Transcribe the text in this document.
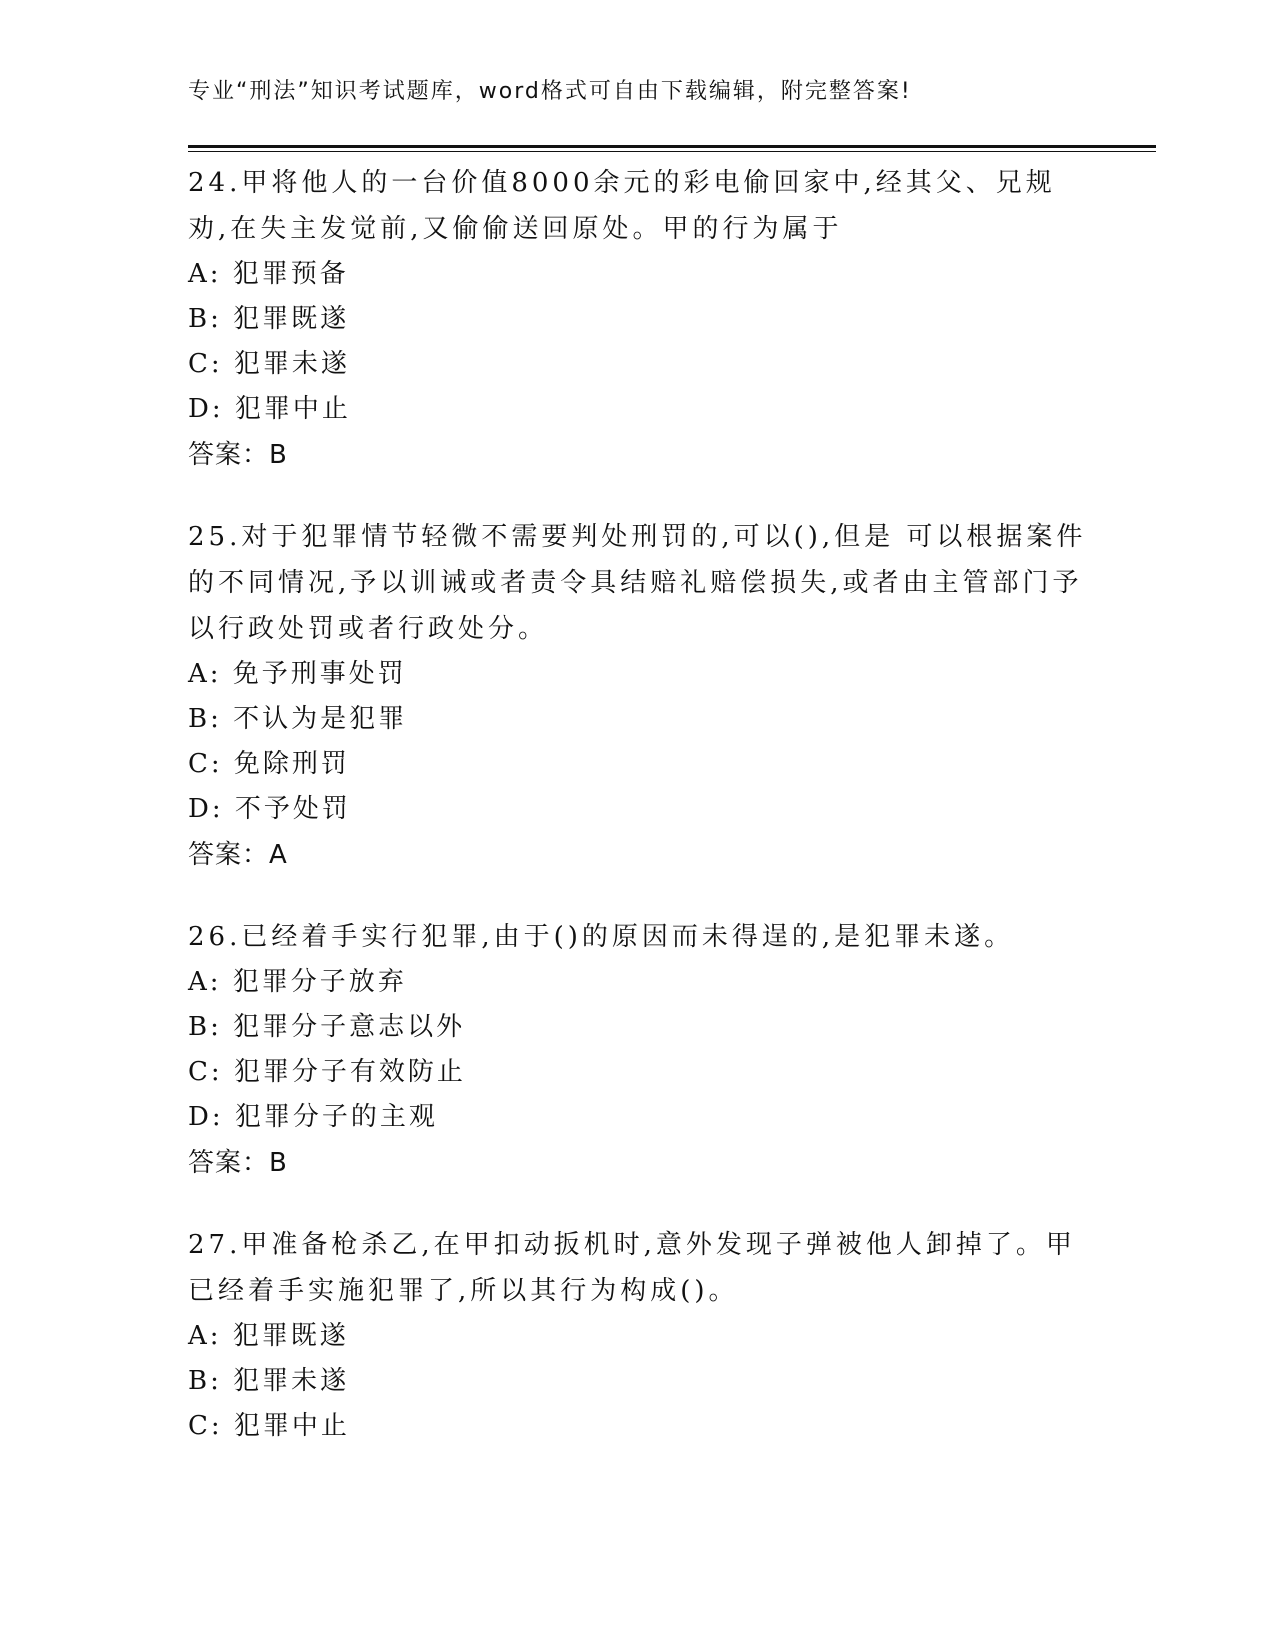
专业“刑法”知识考试题库，word格式可自由下载编辑，附完整答案!

24.甲将他人的一台价值8000余元的彩电偷回家中,经其父、兄规劝,在失主发觉前,又偷偷送回原处。甲的行为属于

A: 犯罪预备

B: 犯罪既遂

C: 犯罪未遂

D: 犯罪中止

答案：B

25.对于犯罪情节轻微不需要判处刑罚的,可以(),但是 可以根据案件的不同情况,予以训诫或者责令具结赔礼赔偿损失,或者由主管部门予以行政处罚或者行政处分。

A: 免予刑事处罚

B: 不认为是犯罪

C: 免除刑罚

D: 不予处罚

答案：A

26.已经着手实行犯罪,由于()的原因而未得逞的,是犯罪未遂。

A: 犯罪分子放弃

B: 犯罪分子意志以外

C: 犯罪分子有效防止

D: 犯罪分子的主观

答案：B

27.甲准备枪杀乙,在甲扣动扳机时,意外发现子弹被他人卸掉了。甲已经着手实施犯罪了,所以其行为构成()。

A: 犯罪既遂

B: 犯罪未遂

C: 犯罪中止
